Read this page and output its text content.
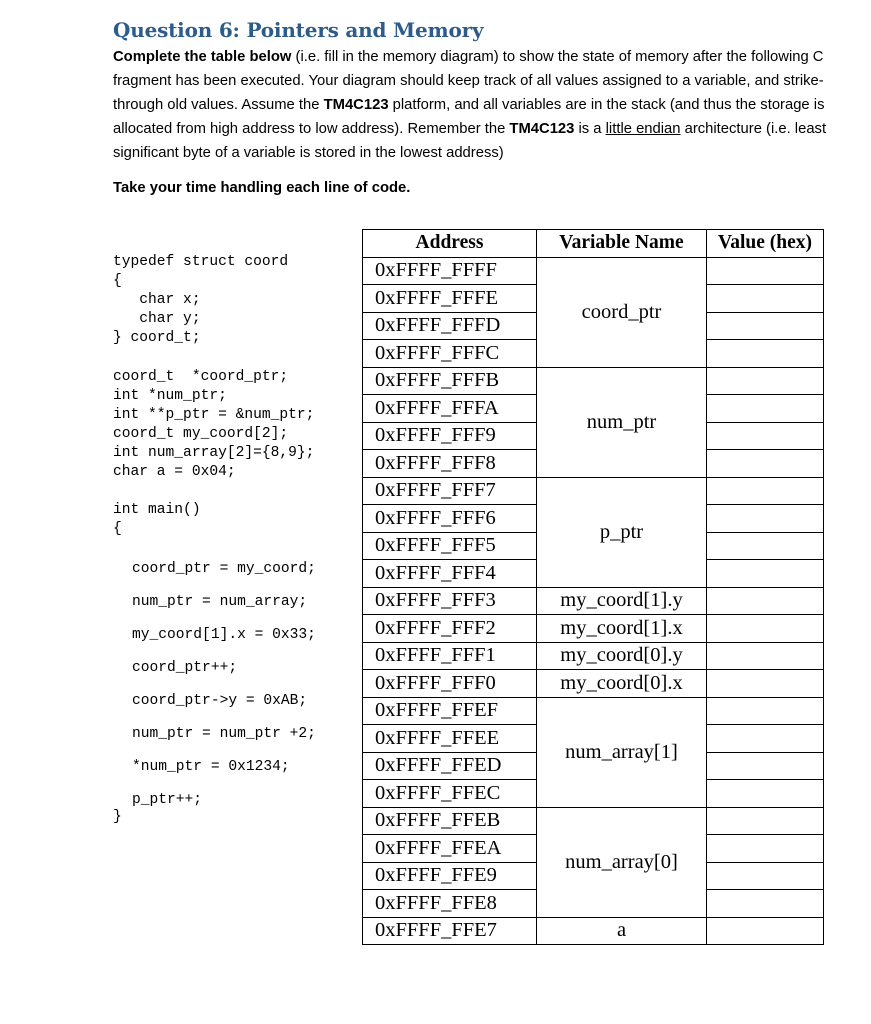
Question 6: Pointers and Memory

Complete the table below (i.e. fill in the memory diagram) to show the state of memory after the following C fragment has been executed. Your diagram should keep track of all values assigned to a variable, and strike-through old values. Assume the TM4C123 platform, and all variables are in the stack (and thus the storage is allocated from high address to low address). Remember the TM4C123 is a little endian architecture (i.e. least significant byte of a variable is stored in the lowest address)

Take your time handling each line of code.

typedef struct coord
{
char x;
char y;
} coord_t;

coord_t  *coord_ptr;
int *num_ptr;
int **p_ptr = &num_ptr;
coord_t my_coord[2];
int num_array[2]={8,9};
char a = 0x04;

int main()
{

coord_ptr = my_coord;
num_ptr = num_array;
my_coord[1].x = 0x33;
coord_ptr++;
coord_ptr->y = 0xAB;
num_ptr = num_ptr +2;
*num_ptr = 0x1234;
p_ptr++;
}
Address	Variable Name	Value (hex)
0xFFFF_FFFF	coord_ptr	

0xFFFF_FFFE		

0xFFFF_FFFD		

0xFFFF_FFFC		

0xFFFF_FFFB	num_ptr	

0xFFFF_FFFA		

0xFFFF_FFF9		

0xFFFF_FFF8		

0xFFFF_FFF7	p_ptr	

0xFFFF_FFF6		

0xFFFF_FFF5		

0xFFFF_FFF4		

0xFFFF_FFF3	my_coord[1].y	

0xFFFF_FFF2	my_coord[1].x	

0xFFFF_FFF1	my_coord[0].y	

0xFFFF_FFF0	my_coord[0].x	

0xFFFF_FFEF	num_array[1]	

0xFFFF_FFEE		

0xFFFF_FFED		

0xFFFF_FFEC		

0xFFFF_FFEB	num_array[0]	

0xFFFF_FFEA		

0xFFFF_FFE9		

0xFFFF_FFE8		

0xFFFF_FFE7	a	
